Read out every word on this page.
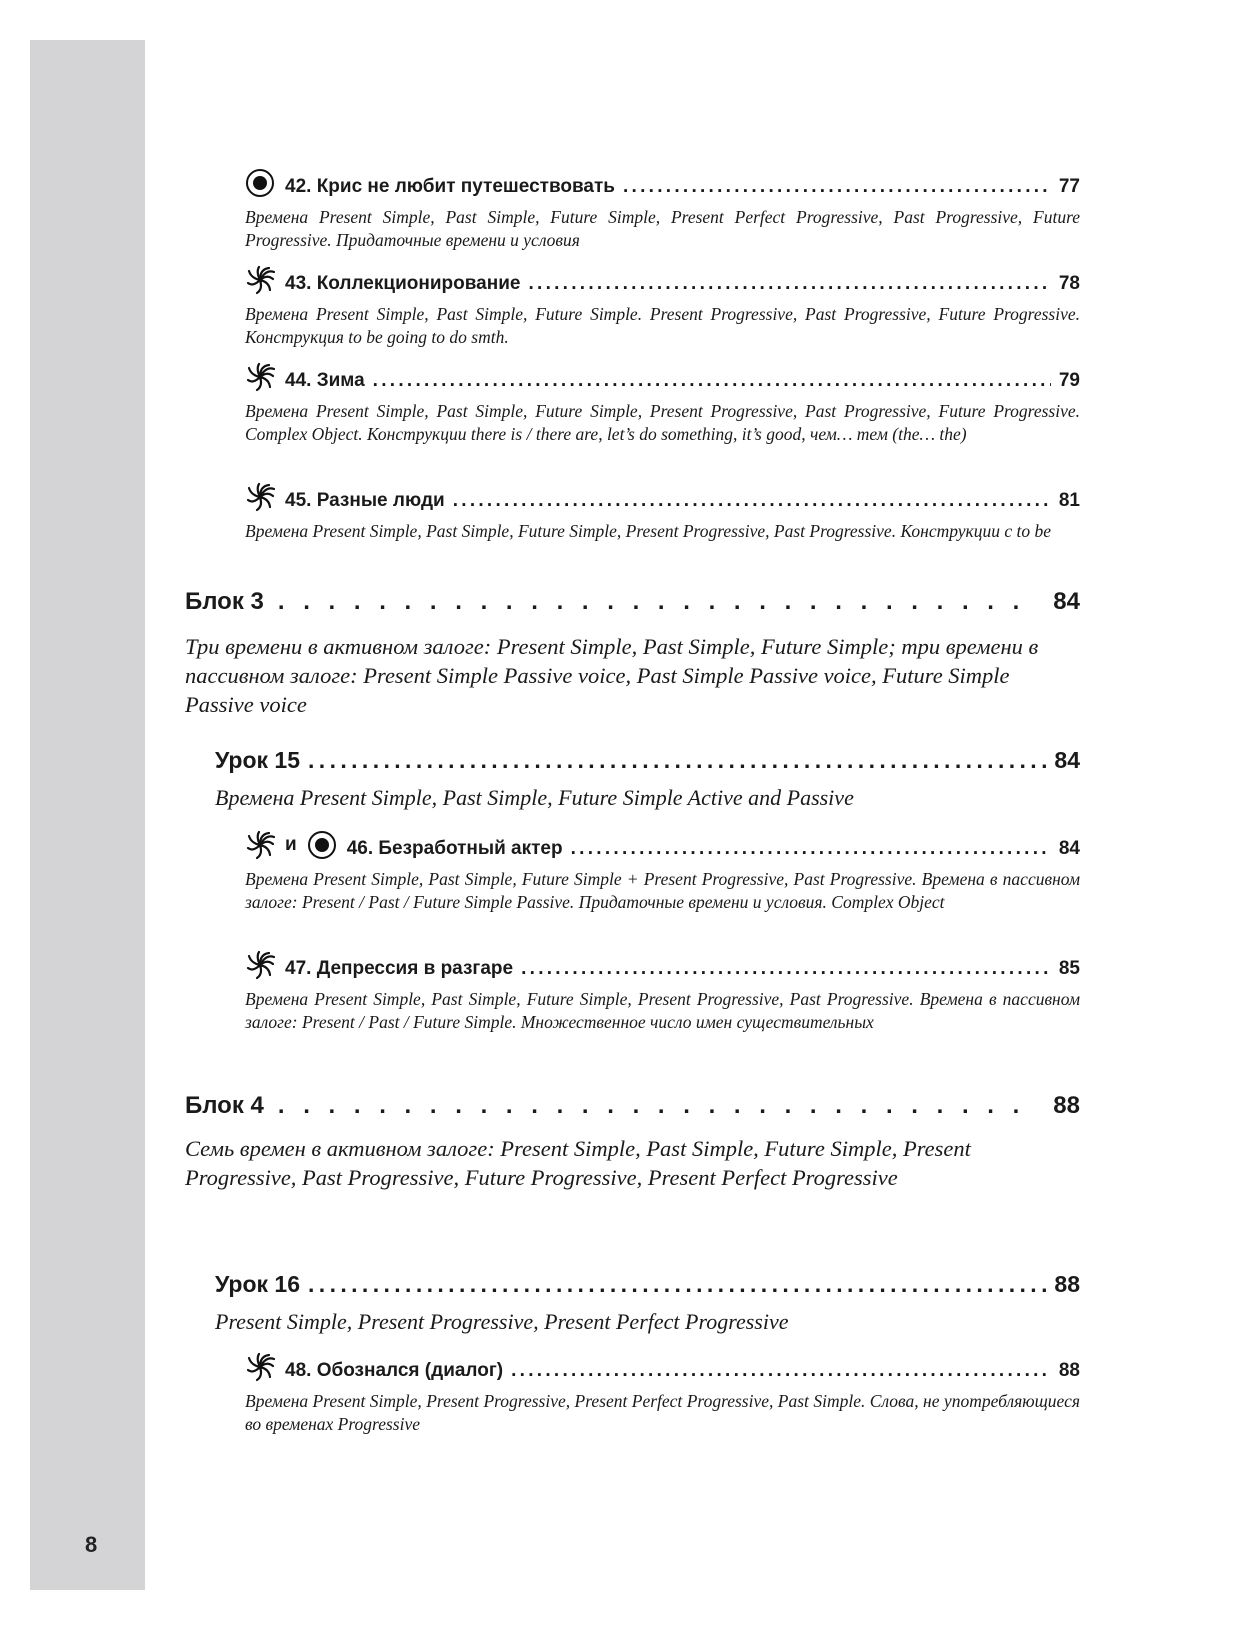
8
42. Крис не любит путешествовать . . .	77
Времена Present Simple, Past Simple, Future Simple, Present Perfect Progressive, Past Progressive, Future Progressive. Придаточные времени и условия
43. Коллекционирование . . .	78
Времена Present Simple, Past Simple, Future Simple. Present Progressive, Past Progressive, Future Progressive. Конструкция to be going to do smth.
44. Зима . . .	79
Времена Present Simple, Past Simple, Future Simple, Present Progressive, Past Progressive, Future Progressive. Complex Object. Конструкции there is / there are, let’s do something, it’s good, чем… тем (the… the)
45. Разные люди . . .	81
Времена Present Simple, Past Simple, Future Simple, Present Progressive, Past Progressive. Конструкции с to be
Блок 3 . . .	84
Три времени в активном залоге: Present Simple, Past Simple, Future Simple; три времени в пассивном залоге: Present Simple Passive voice, Past Simple Passive voice, Future Simple Passive voice
Урок 15 . . .	84
Времена Present Simple, Past Simple, Future Simple Active and Passive
и	46. Безработный актер . . .	84
Времена Present Simple, Past Simple, Future Simple + Present Progressive, Past Progressive. Времена в пассивном залоге: Present / Past / Future Simple Passive. Придаточные времени и условия. Complex Object
47. Депрессия в разгаре . . .	85
Времена Present Simple, Past Simple, Future Simple, Present Progressive, Past Progressive. Времена в пассивном залоге: Present / Past / Future Simple. Множественное число имен существительных
Блок 4 . . .	88
Семь времен в активном залоге: Present Simple, Past Simple, Future Simple, Present Progressive, Past Progressive, Future Progressive, Present Perfect Progressive
Урок 16 . . .	88
Present Simple, Present Progressive, Present Perfect Progressive
48. Обознался (диалог) . . .	88
Времена Present Simple, Present Progressive, Present Perfect Progressive, Past Simple. Слова, не употребляющиеся во временах Progressive
